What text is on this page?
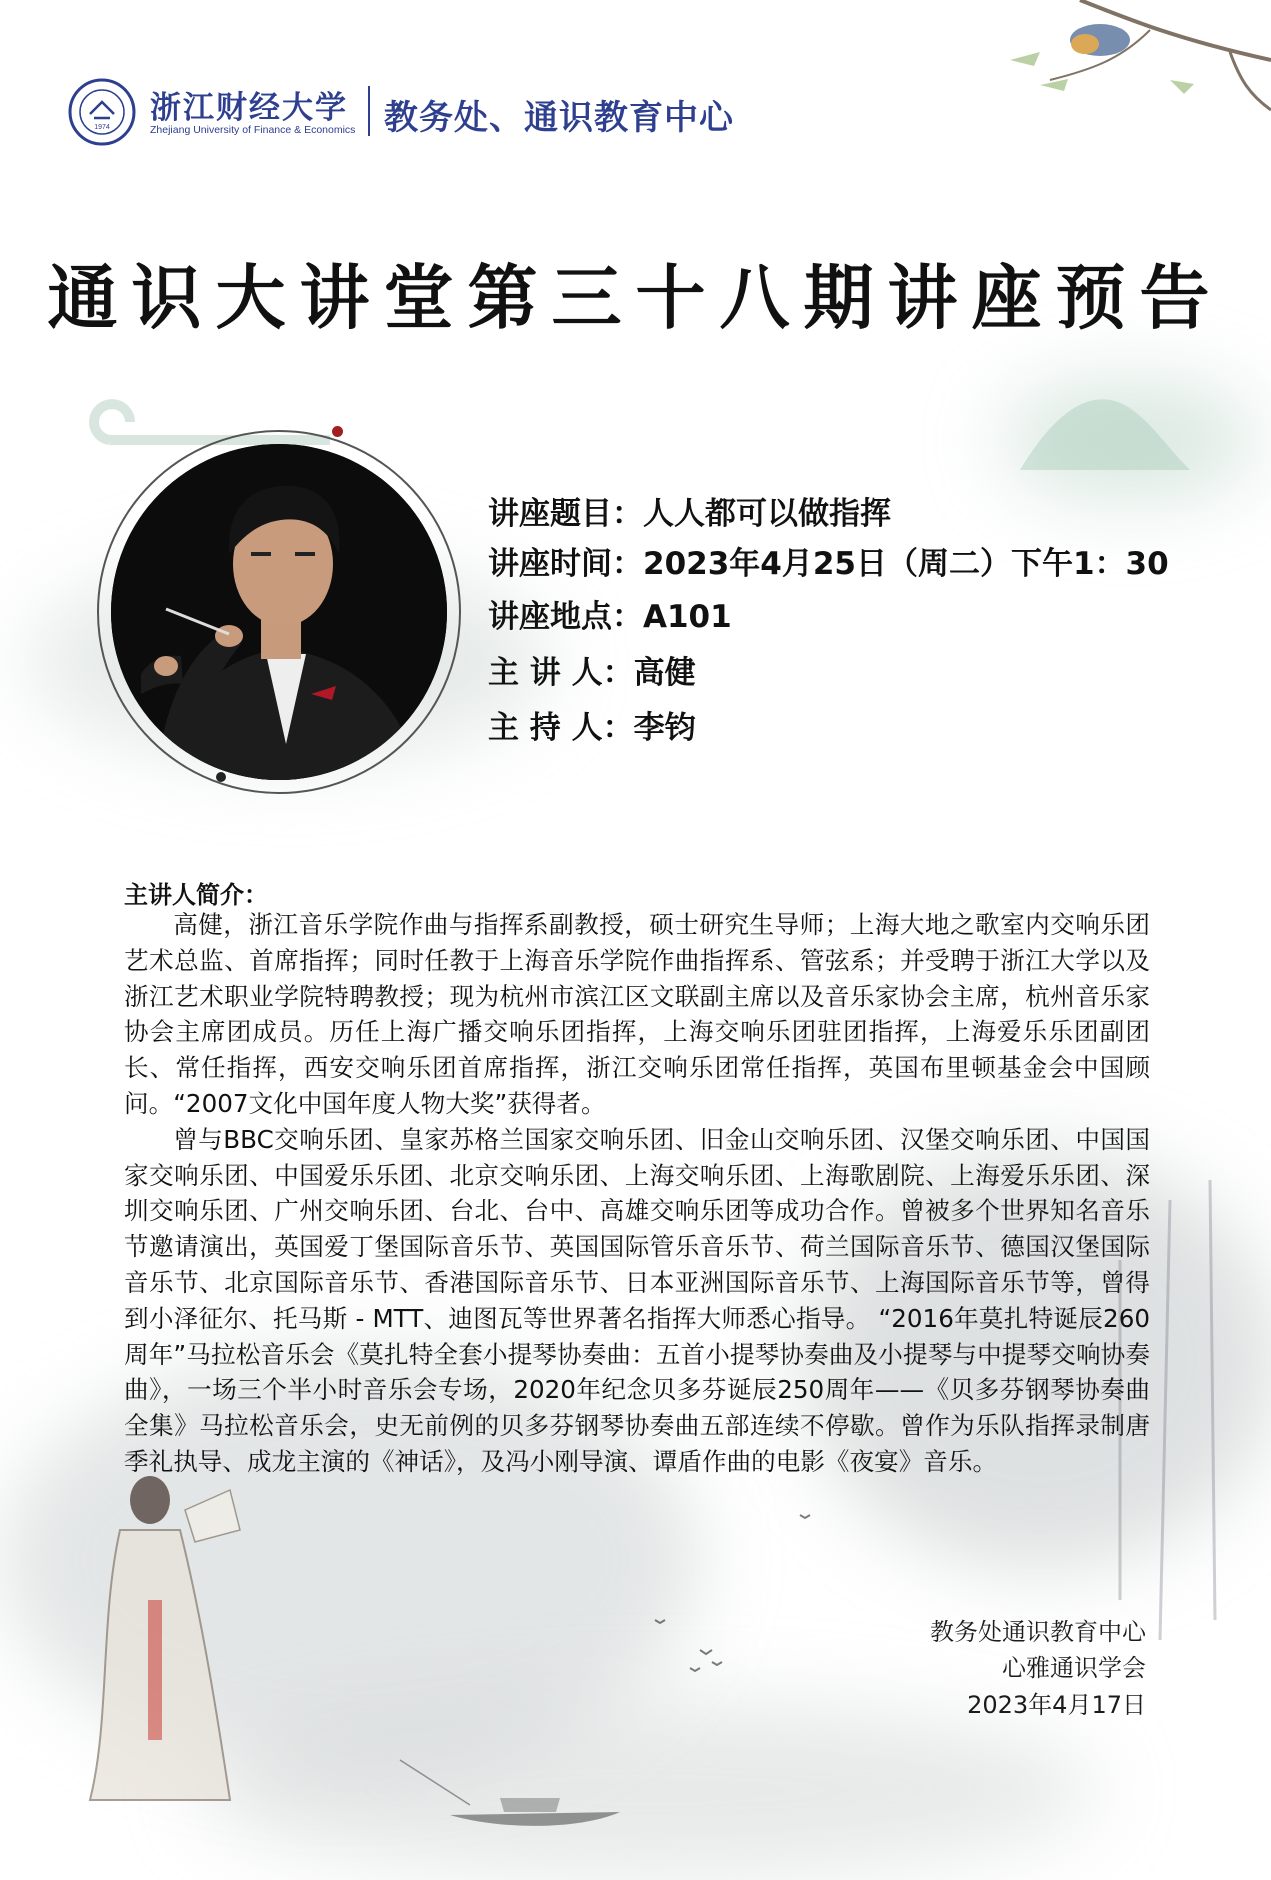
1974
浙江财经大学
Zhejiang University of Finance & Economics 教务处、通识教育中心
通识大讲堂第三十八期讲座预告
讲座题目：人人都可以做指挥
讲座时间：2023年4月25日（周二）下午1：30
讲座地点：A101
主 讲 人：高健
主 持 人：李钧
主讲人简介：

高健，浙江音乐学院作曲与指挥系副教授，硕士研究生导师；上海大地之歌室内交响乐团艺术总监、首席指挥；同时任教于上海音乐学院作曲指挥系、管弦系；并受聘于浙江大学以及浙江艺术职业学院特聘教授；现为杭州市滨江区文联副主席以及音乐家协会主席，杭州音乐家协会主席团成员。历任上海广播交响乐团指挥，上海交响乐团驻团指挥，上海爱乐乐团副团长、常任指挥，西安交响乐团首席指挥，浙江交响乐团常任指挥，英国布里顿基金会中国顾问。“2007文化中国年度人物大奖”获得者。

曾与BBC交响乐团、皇家苏格兰国家交响乐团、旧金山交响乐团、汉堡交响乐团、中国国家交响乐团、中国爱乐乐团、北京交响乐团、上海交响乐团、上海歌剧院、上海爱乐乐团、深圳交响乐团、广州交响乐团、台北、台中、高雄交响乐团等成功合作。曾被多个世界知名音乐节邀请演出，英国爱丁堡国际音乐节、英国国际管乐音乐节、荷兰国际音乐节、德国汉堡国际音乐节、北京国际音乐节、香港国际音乐节、日本亚洲国际音乐节、上海国际音乐节等，曾得到小泽征尔、托马斯 - MTT、迪图瓦等世界著名指挥大师悉心指导。 “2016年莫扎特诞辰260周年”马拉松音乐会《莫扎特全套小提琴协奏曲：五首小提琴协奏曲及小提琴与中提琴交响协奏曲》，一场三个半小时音乐会专场，2020年纪念贝多芬诞辰250周年——《贝多芬钢琴协奏曲全集》马拉松音乐会，史无前例的贝多芬钢琴协奏曲五部连续不停歇。曾作为乐队指挥录制唐季礼执导、成龙主演的《神话》，及冯小刚导演、谭盾作曲的电影《夜宴》音乐。

教务处通识教育中心
心雅通识学会
2023年4月17日
